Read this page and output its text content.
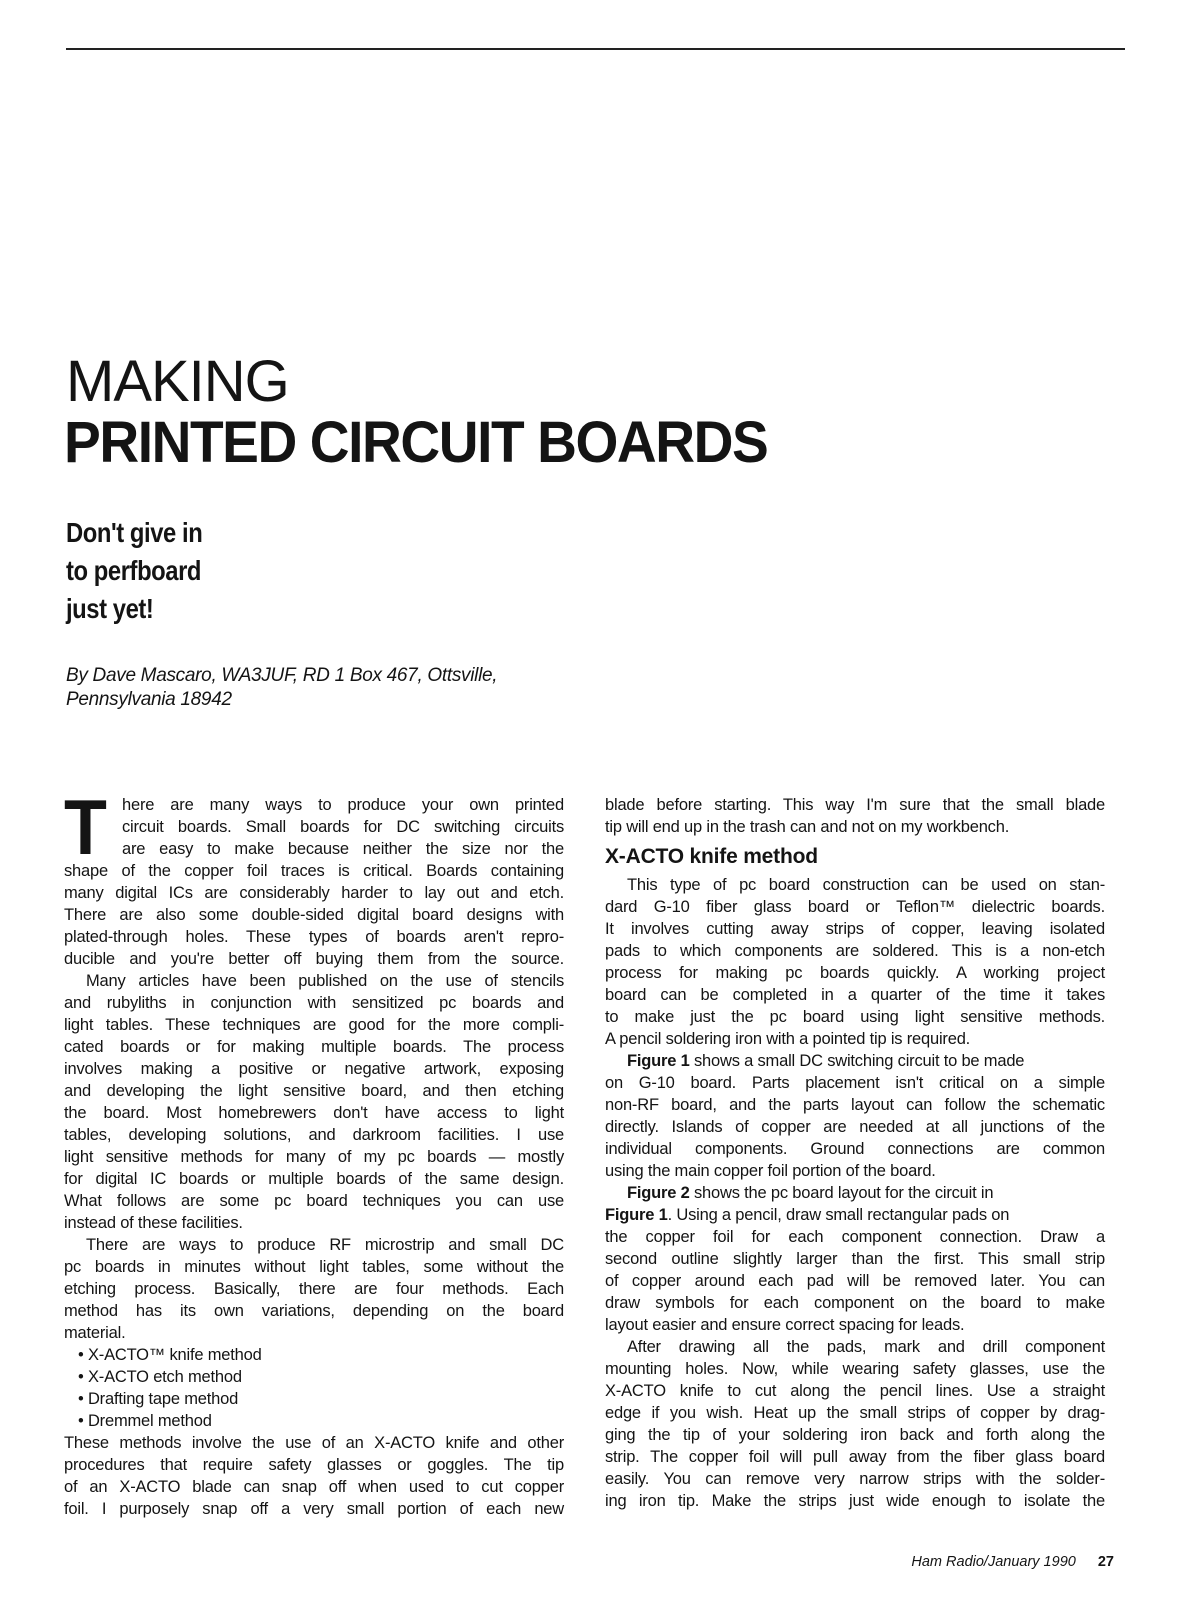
MAKING
PRINTED CIRCUIT BOARDS
Don't give in
to perfboard
just yet!
By Dave Mascaro, WA3JUF, RD 1 Box 467, Ottsville,
Pennsylvania 18942
T here are many ways to produce your own printed
circuit boards. Small boards for DC switching circuits
are easy to make because neither the size nor the
shape of the copper foil traces is critical. Boards containing
many digital ICs are considerably harder to lay out and etch.
There are also some double-sided digital board designs with
plated-through holes. These types of boards aren't repro-
ducible and you're better off buying them from the source.
Many articles have been published on the use of stencils
and rubyliths in conjunction with sensitized pc boards and
light tables. These techniques are good for the more compli-
cated boards or for making multiple boards. The process
involves making a positive or negative artwork, exposing
and developing the light sensitive board, and then etching
the board. Most homebrewers don't have access to light
tables, developing solutions, and darkroom facilities. I use
light sensitive methods for many of my pc boards — mostly
for digital IC boards or multiple boards of the same design.
What follows are some pc board techniques you can use
instead of these facilities.
There are ways to produce RF microstrip and small DC
pc boards in minutes without light tables, some without the
etching process. Basically, there are four methods. Each
method has its own variations, depending on the board
material.
• X-ACTO™ knife method
• X-ACTO etch method
• Drafting tape method
• Dremmel method
These methods involve the use of an X-ACTO knife and other
procedures that require safety glasses or goggles. The tip
of an X-ACTO blade can snap off when used to cut copper
foil. I purposely snap off a very small portion of each new
blade before starting. This way I'm sure that the small blade
tip will end up in the trash can and not on my workbench.
X-ACTO knife method
This type of pc board construction can be used on stan-
dard G-10 fiber glass board or Teflon™ dielectric boards.
It involves cutting away strips of copper, leaving isolated
pads to which components are soldered. This is a non-etch
process for making pc boards quickly. A working project
board can be completed in a quarter of the time it takes
to make just the pc board using light sensitive methods.
A pencil soldering iron with a pointed tip is required.
Figure 1 shows a small DC switching circuit to be made
on G-10 board. Parts placement isn't critical on a simple
non-RF board, and the parts layout can follow the schematic
directly. Islands of copper are needed at all junctions of the
individual components. Ground connections are common
using the main copper foil portion of the board.
Figure 2 shows the pc board layout for the circuit in
Figure 1. Using a pencil, draw small rectangular pads on
the copper foil for each component connection. Draw a
second outline slightly larger than the first. This small strip
of copper around each pad will be removed later. You can
draw symbols for each component on the board to make
layout easier and ensure correct spacing for leads.
After drawing all the pads, mark and drill component
mounting holes. Now, while wearing safety glasses, use the
X-ACTO knife to cut along the pencil lines. Use a straight
edge if you wish. Heat up the small strips of copper by drag-
ging the tip of your soldering iron back and forth along the
strip. The copper foil will pull away from the fiber glass board
easily. You can remove very narrow strips with the solder-
ing iron tip. Make the strips just wide enough to isolate the
Ham Radio/January 1990 27
